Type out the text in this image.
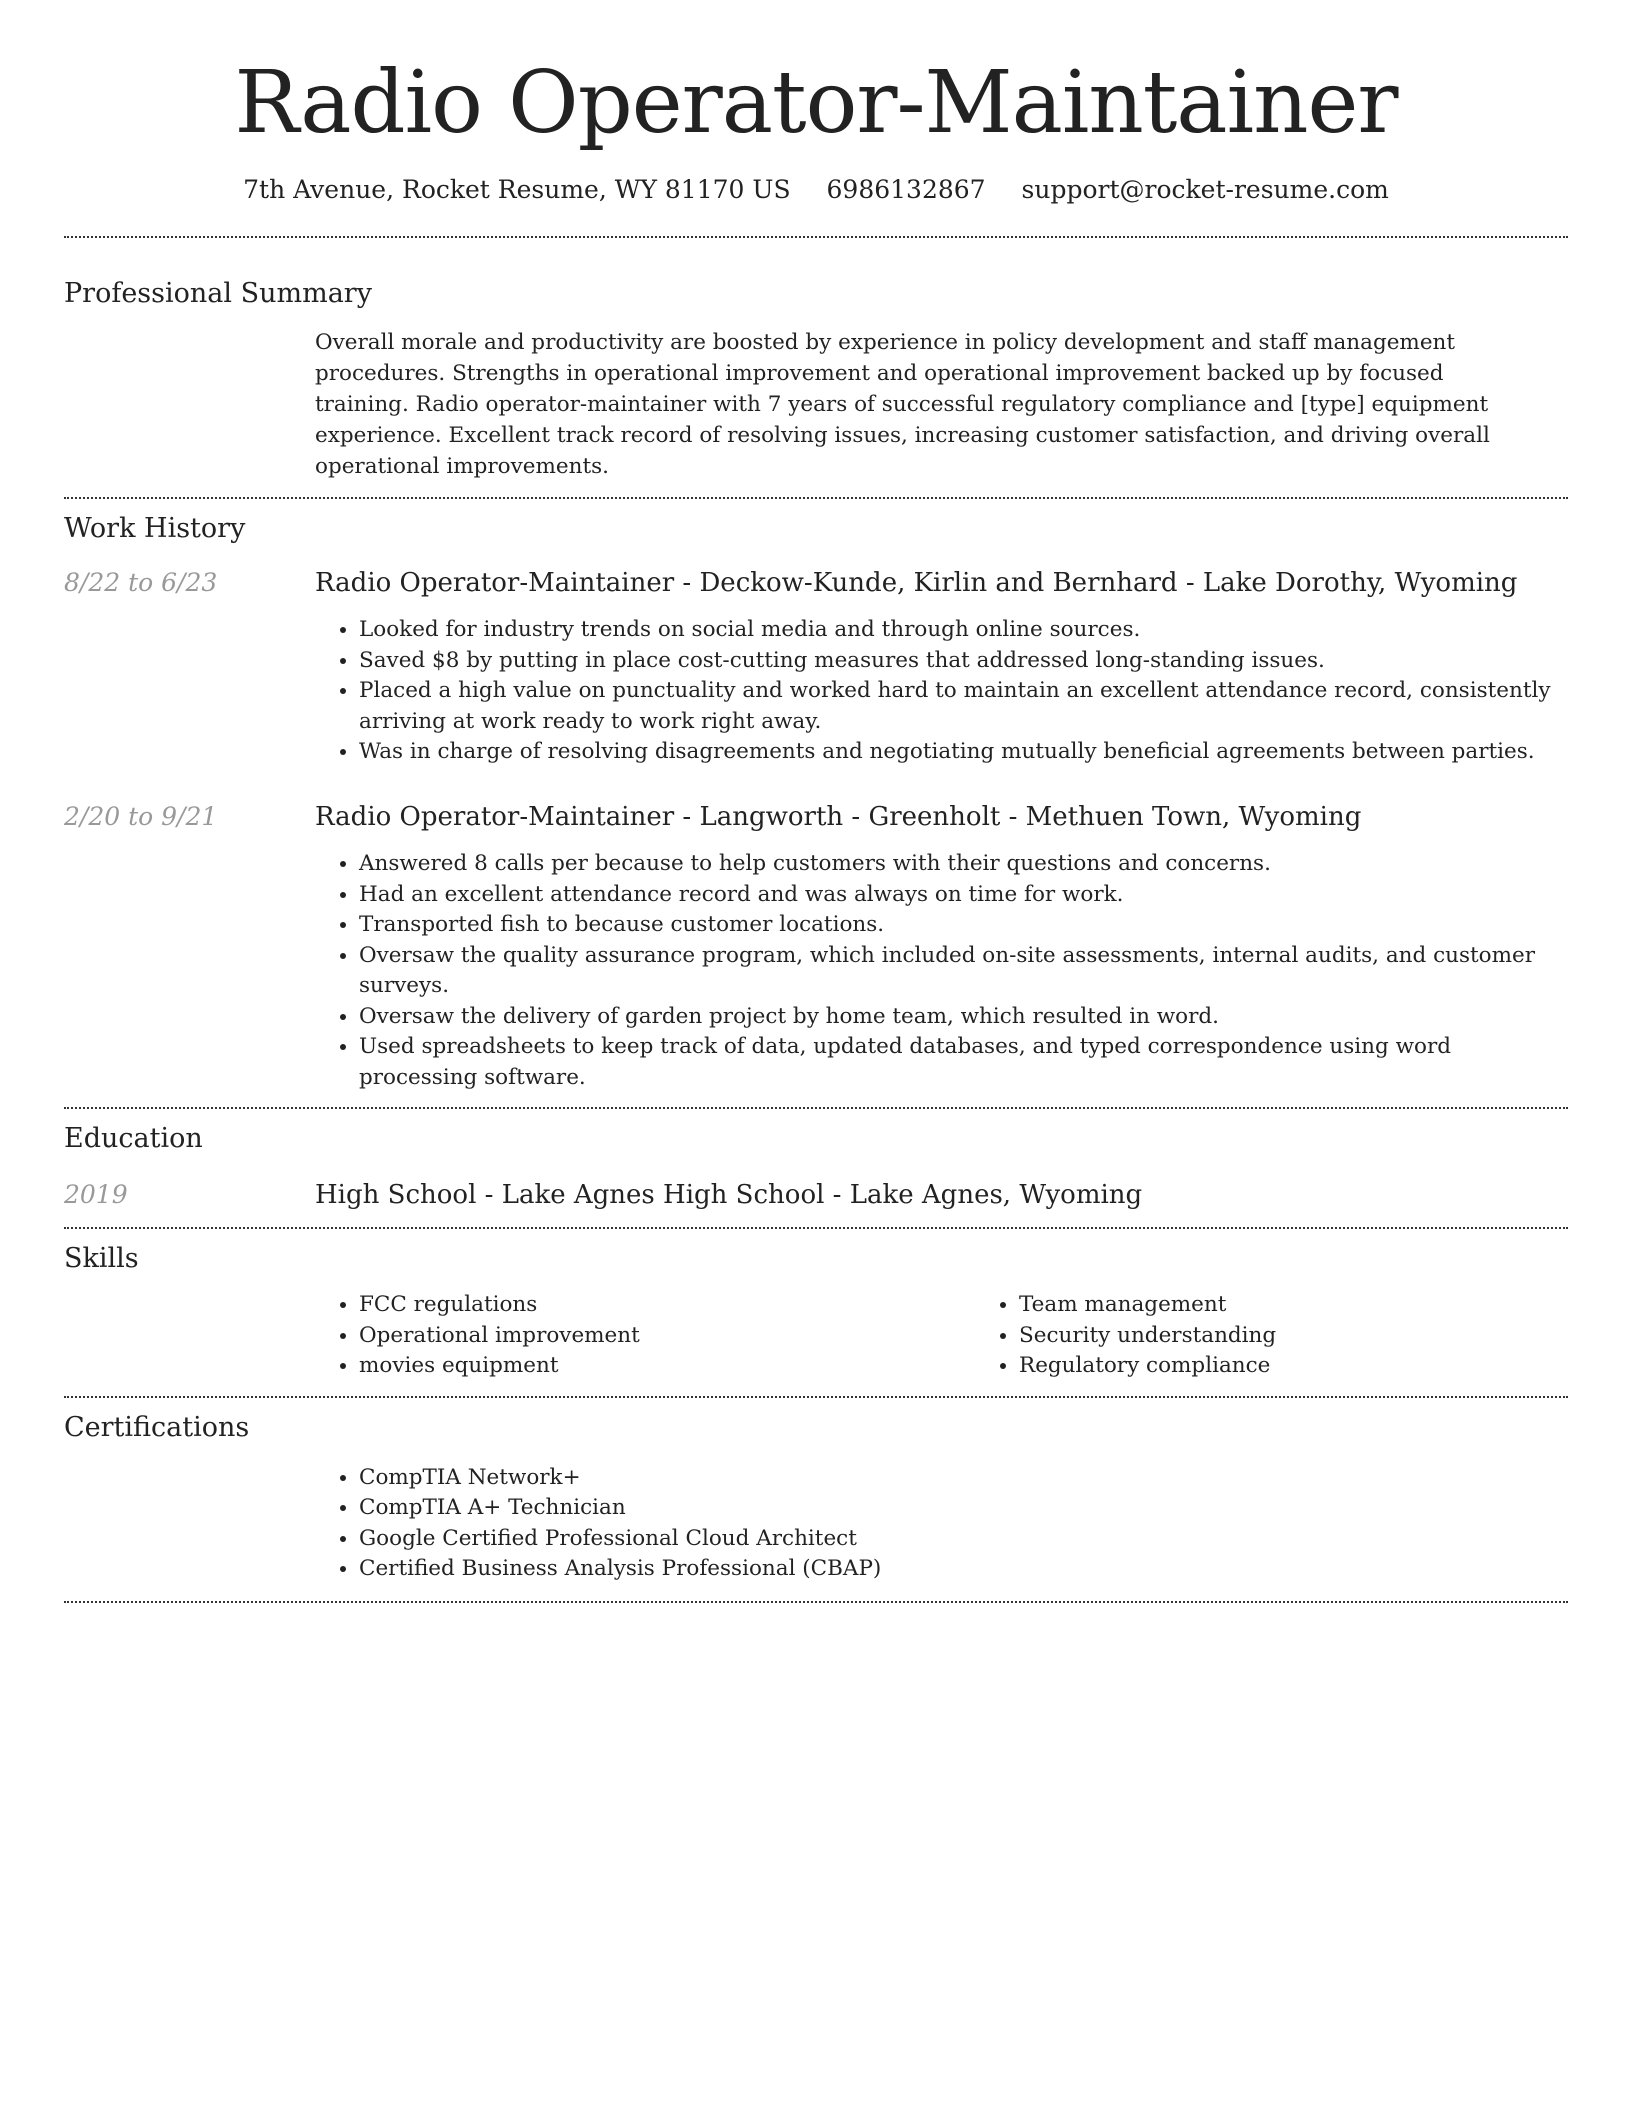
Radio Operator-Maintainer
7th Avenue, Rocket Resume, WY 81170 US 6986132867 support@rocket-resume.com
Professional Summary
Overall morale and productivity are boosted by experience in policy development and staff management procedures. Strengths in operational improvement and operational improvement backed up by focused training. Radio operator-maintainer with 7 years of successful regulatory compliance and [type] equipment experience. Excellent track record of resolving issues, increasing customer satisfaction, and driving overall operational improvements.
Work History
8/22 to 6/23	Radio Operator-Maintainer - Deckow-Kunde, Kirlin and Bernhard - Lake Dorothy, Wyoming
• Looked for industry trends on social media and through online sources.
• Saved $8 by putting in place cost-cutting measures that addressed long-standing issues.
• Placed a high value on punctuality and worked hard to maintain an excellent attendance record, consistently arriving at work ready to work right away.
• Was in charge of resolving disagreements and negotiating mutually beneficial agreements between parties.
2/20 to 9/21	Radio Operator-Maintainer - Langworth - Greenholt - Methuen Town, Wyoming
• Answered 8 calls per because to help customers with their questions and concerns.
• Had an excellent attendance record and was always on time for work.
• Transported fish to because customer locations.
• Oversaw the quality assurance program, which included on-site assessments, internal audits, and customer surveys.
• Oversaw the delivery of garden project by home team, which resulted in word.
• Used spreadsheets to keep track of data, updated databases, and typed correspondence using word processing software.
Education
2019	High School - Lake Agnes High School - Lake Agnes, Wyoming
Skills
• FCC regulations
• Operational improvement
• movies equipment
• Team management
• Security understanding
• Regulatory compliance
Certifications
• CompTIA Network+
• CompTIA A+ Technician
• Google Certified Professional Cloud Architect
• Certified Business Analysis Professional (CBAP)
